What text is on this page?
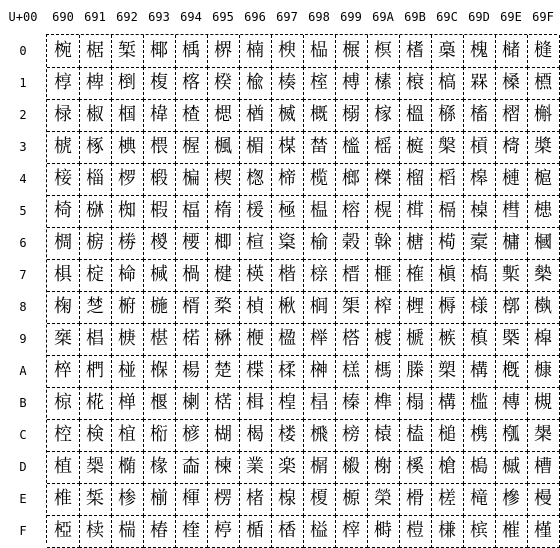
U+00	690 691 692 693 694 695 696 697 698 699 69A 69B 69C 69D 69E 69F
0
1
2
3
4
5
6
7
8
9
A
B
C
D
E
F
椀 椐 椠 椰 楀 楐 楠 楰 榀 榐 榠 榰 槀 槐 槠 槰
椁 椑 椡 椱 楁 楑 楡 楱 榁 榑 榡 榱 槁 槑 槡 槱
椂 椒 椢 椲 楂 楒 楢 楲 概 榒 榢 榲 槂 槒 槢 槲
椃 椓 椣 椳 楃 楓 楣 楳 榃 榓 榣 榳 槃 槓 槣 槳
椄 椔 椤 椴 楄 楔 楤 楴 榄 榔 榤 榴 槄 槔 槤 槴
椅 椕 椥 椵 楅 楕 楥 極 榅 榕 榥 榵 槅 槕 槥 槵
椆 椖 椦 椶 楆 楖 楦 楶 榆 榖 榦 榶 槆 槖 槦 槶
椇 椗 椧 椷 楇 楗 楧 楷 榇 榗 榧 榷 槇 槗 槧 槷
椈 椘 椨 椸 楈 楘 楨 楸 榈 榘 榨 榸 槈 様 槨 槸
椉 椙 椩 椹 楉 楙 楩 楹 榉 榙 榩 榹 槉 槙 槩 槹
椊 椚 椪 椺 楊 楚 楪 楺 榊 榚 榪 榺 槊 構 槪 槺
椋 椛 椫 椻 楋 楛 楫 楻 榋 榛 榫 榻 構 槛 槫 槻
椌 検 椬 椼 楌 楜 楬 楼 榌 榜 榬 榼 槌 槜 槬 槼
植 椝 椭 椽 楍 楝 業 楽 榍 榝 榭 榽 槍 槝 槭 槽
椎 椞 椮 椾 楎 楞 楮 楾 榎 榞 榮 榾 槎 槞 槮 槾
椏 椟 椯 椿 楏 楟 楯 楿 榏 榟 榯 榿 槏 槟 槯 槿
